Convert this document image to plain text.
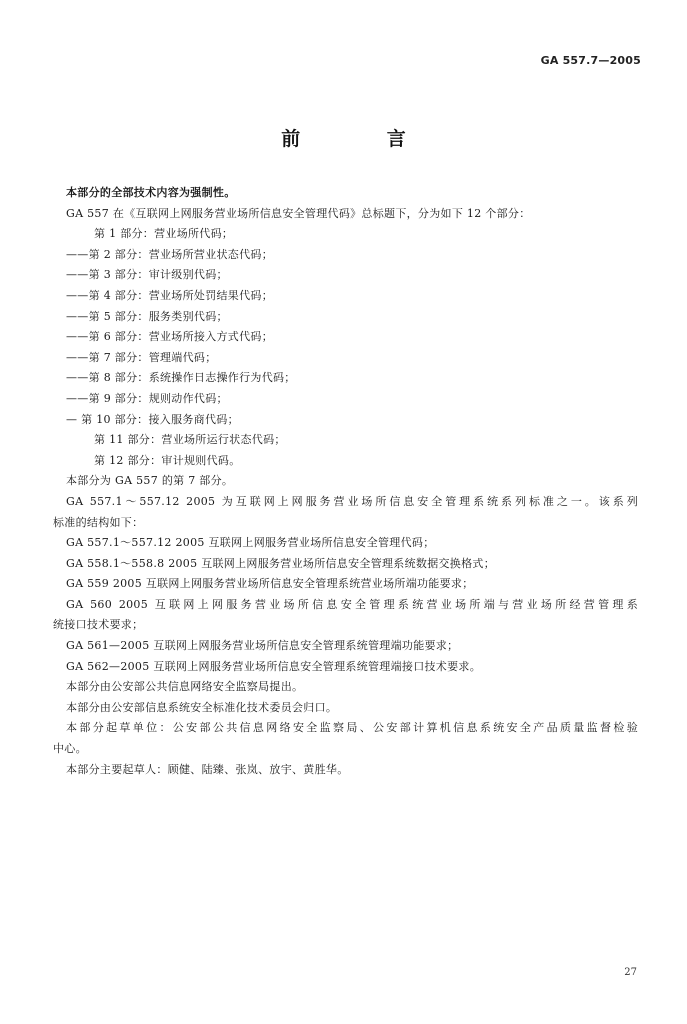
GA 557.7—2005
前 言
本部分的全部技术内容为强制性。
GA 557 在《互联网上网服务营业场所信息安全管理代码》总标题下，分为如下 12 个部分：
第 1 部分：营业场所代码；
——第 2 部分：营业场所营业状态代码；
——第 3 部分：审计级别代码；
——第 4 部分：营业场所处罚结果代码；
——第 5 部分：服务类别代码；
——第 6 部分：营业场所接入方式代码；
——第 7 部分：管理端代码；
——第 8 部分：系统操作日志操作行为代码；
——第 9 部分：规则动作代码；
— 第 10 部分：接入服务商代码；
第 11 部分：营业场所运行状态代码；
第 12 部分：审计规则代码。
本部分为 GA 557 的第 7 部分。
GA 557.1～557.12 2005 为互联网上网服务营业场所信息安全管理系统系列标准之一。该系列
标准的结构如下：
GA 557.1～557.12 2005 互联网上网服务营业场所信息安全管理代码；
GA 558.1～558.8 2005 互联网上网服务营业场所信息安全管理系统数据交换格式；
GA 559 2005 互联网上网服务营业场所信息安全管理系统营业场所端功能要求；
GA 560 2005 互联网上网服务营业场所信息安全管理系统营业场所端与营业场所经营管理系
统接口技术要求；
GA 561—2005 互联网上网服务营业场所信息安全管理系统管理端功能要求；
GA 562—2005 互联网上网服务营业场所信息安全管理系统管理端接口技术要求。
本部分由公安部公共信息网络安全监察局提出。
本部分由公安部信息系统安全标准化技术委员会归口。
本部分起草单位：公安部公共信息网络安全监察局、公安部计算机信息系统安全产品质量监督检验
中心。
本部分主要起草人：顾健、陆臻、张岚、放宇、黄胜华。
27
